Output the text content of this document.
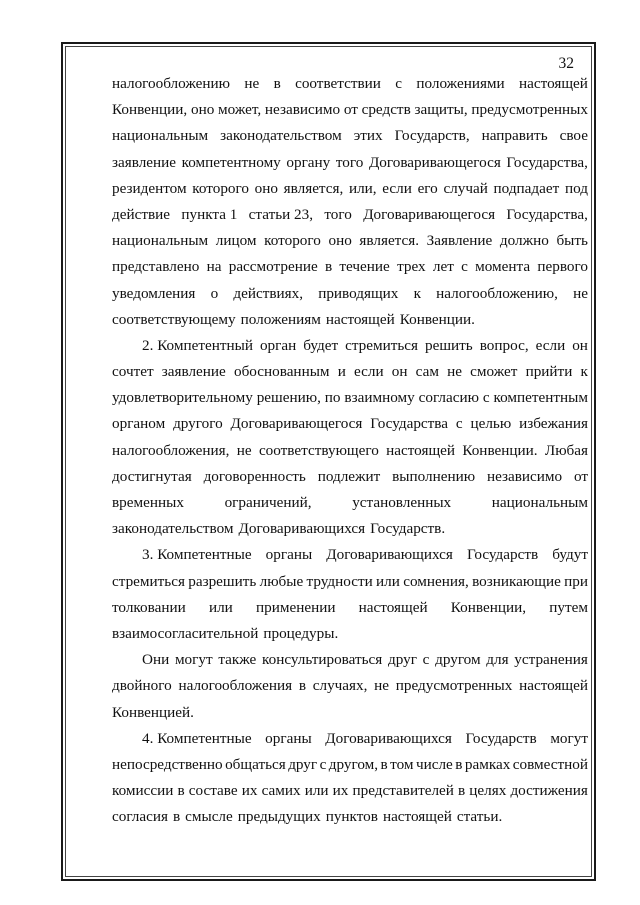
32
налогообложению не в соответствии с положениями настоящей
Конвенции, оно может, независимо от средств защиты, предусмотренных
национальным законодательством этих Государств, направить свое
заявление компетентному органу того Договаривающегося Государства,
резидентом которого оно является, или, если его случай подпадает под
действие пункта 1 статьи 23, того Договаривающегося Государства,
национальным лицом которого оно является. Заявление должно быть
представлено на рассмотрение в течение трех лет с момента первого
уведомления о действиях, приводящих к налогообложению, не
соответствующему положениям настоящей Конвенции.
2. Компетентный орган будет стремиться решить вопрос, если он
сочтет заявление обоснованным и если он сам не сможет прийти к
удовлетворительному решению, по взаимному согласию с компетентным
органом другого Договаривающегося Государства с целью избежания
налогообложения, не соответствующего настоящей Конвенции. Любая
достигнутая договоренность подлежит выполнению независимо от
временных	ограничений,	установленных	национальным
законодательством Договаривающихся Государств.
3. Компетентные органы Договаривающихся Государств будут
стремиться разрешить любые трудности или сомнения, возникающие при
толковании или применении настоящей Конвенции, путем
взаимосогласительной процедуры.
Они могут также консультироваться друг с другом для устранения
двойного налогообложения в случаях, не предусмотренных настоящей
Конвенцией.
4. Компетентные органы Договаривающихся Государств могут
непосредственно общаться друг с другом, в том числе в рамках совместной
комиссии в составе их самих или их представителей в целях достижения
согласия в смысле предыдущих пунктов настоящей статьи.
